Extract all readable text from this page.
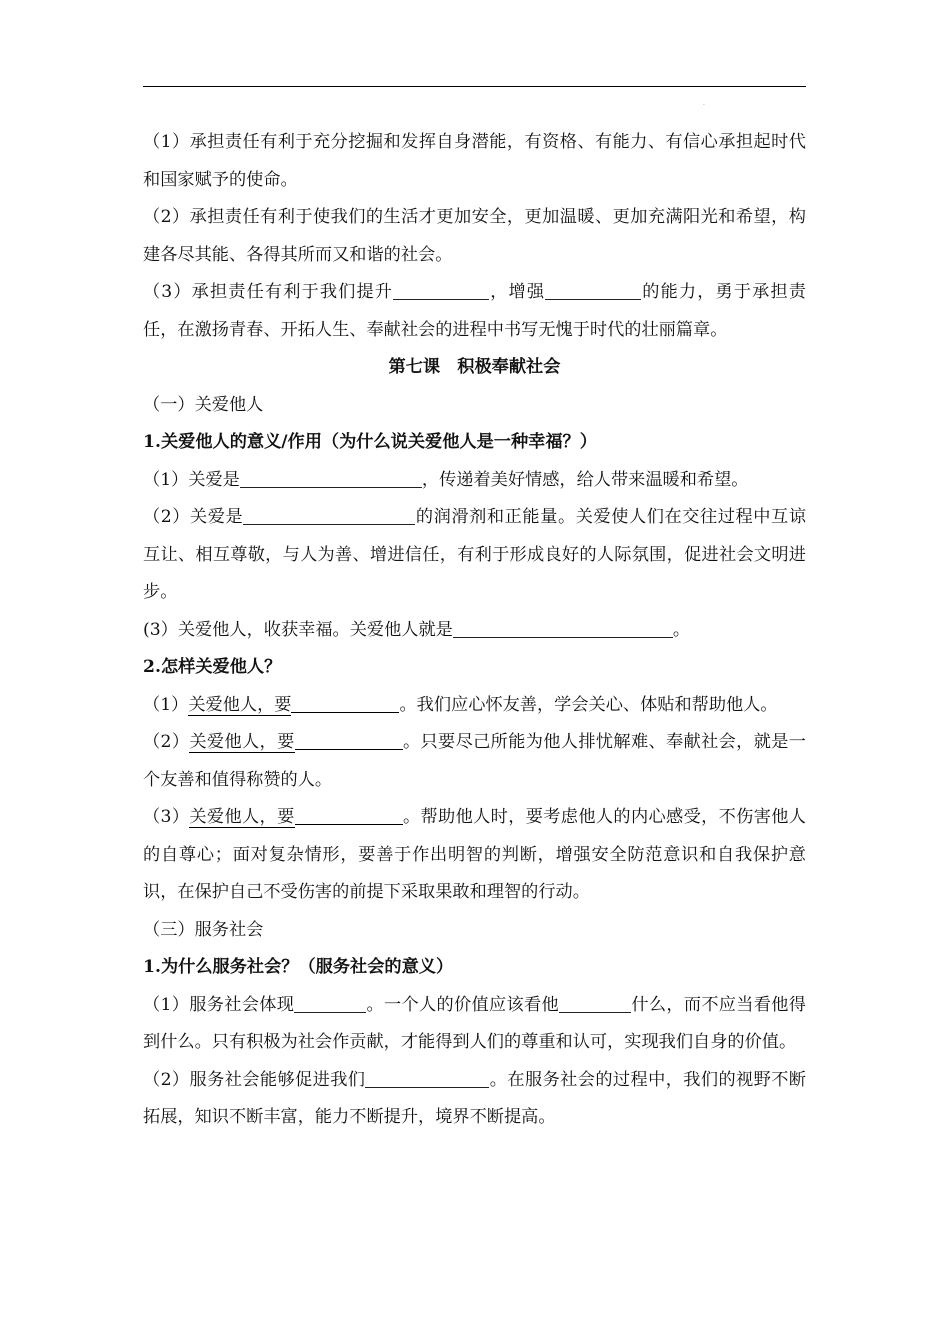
.

（1）承担责任有利于充分挖掘和发挥自身潜能，有资格、有能力、有信心承担起时代和国家赋予的使命。

（2）承担责任有利于使我们的生活才更加安全，更加温暖、更加充满阳光和希望，构建各尽其能、各得其所而又和谐的社会。

（3）承担责任有利于我们提升	，增强	的能力，勇于承担责任，在激扬青春、开拓人生、奉献社会的进程中书写无愧于时代的壮丽篇章。

第七课　积极奉献社会

（一）关爱他人

1.关爱他人的意义/作用（为什么说关爱他人是一种幸福？）

（1）关爱是	，传递着美好情感，给人带来温暖和希望。

（2）关爱是	的润滑剂和正能量。关爱使人们在交往过程中互谅互让、相互尊敬，与人为善、增进信任，有利于形成良好的人际氛围，促进社会文明进步。

(3）关爱他人，收获幸福。关爱他人就是	。

2.怎样关爱他人？

（1）关爱他人，要	。我们应心怀友善，学会关心、体贴和帮助他人。

（2）关爱他人，要	。只要尽己所能为他人排忧解难、奉献社会，就是一个友善和值得称赞的人。

（3）关爱他人，要	。帮助他人时，要考虑他人的内心感受，不伤害他人的自尊心；面对复杂情形，要善于作出明智的判断，增强安全防范意识和自我保护意识，在保护自己不受伤害的前提下采取果敢和理智的行动。

（三）服务社会

1.为什么服务社会？（服务社会的意义）

（1）服务社会体现	。一个人的价值应该看他	什么，而不应当看他得到什么。只有积极为社会作贡献，才能得到人们的尊重和认可，实现我们自身的价值。

（2）服务社会能够促进我们	。在服务社会的过程中，我们的视野不断拓展，知识不断丰富，能力不断提升，境界不断提高。
